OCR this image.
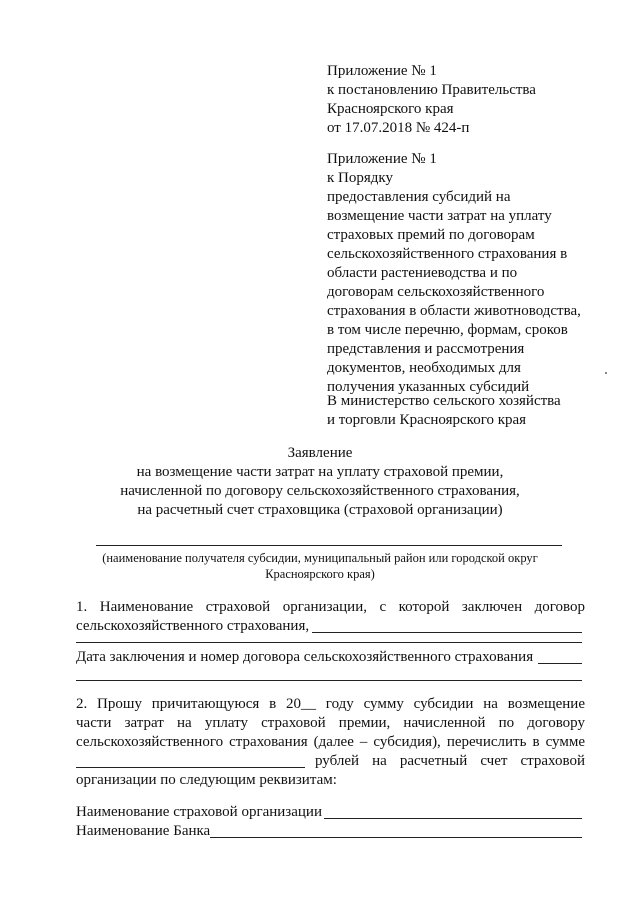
Приложение № 1
к постановлению Правительства
Красноярского края
от 17.07.2018 № 424-п
Приложение № 1
к Порядку
предоставления субсидий на
возмещение части затрат на уплату
страховых премий по договорам
сельскохозяйственного страхования в
области растениеводства и по
договорам сельскохозяйственного
страхования в области животноводства,
в том числе перечню, формам, сроков
представления и рассмотрения
документов, необходимых для
получения указанных субсидий
В министерство сельского хозяйства
и торговли Красноярского края
Заявление
на возмещение части затрат на уплату страховой премии,
начисленной по договору сельскохозяйственного страхования,
на расчетный счет страховщика (страховой организации)
(наименование получателя субсидии, муниципальный район или городской округ
Красноярского края)
1. Наименование страховой организации, с которой заключен договор
сельскохозяйственного страхования,
Дата заключения и номер договора сельскохозяйственного страхования
2. Прошу причитающуюся в 20__ году сумму субсидии на возмещение
части затрат на уплату страховой премии, начисленной по договору
сельскохозяйственного страхования (далее – субсидия), перечислить в сумме
рублей на расчетный счет страховой
организации по следующим реквизитам:
Наименование страховой организации
Наименование Банка
